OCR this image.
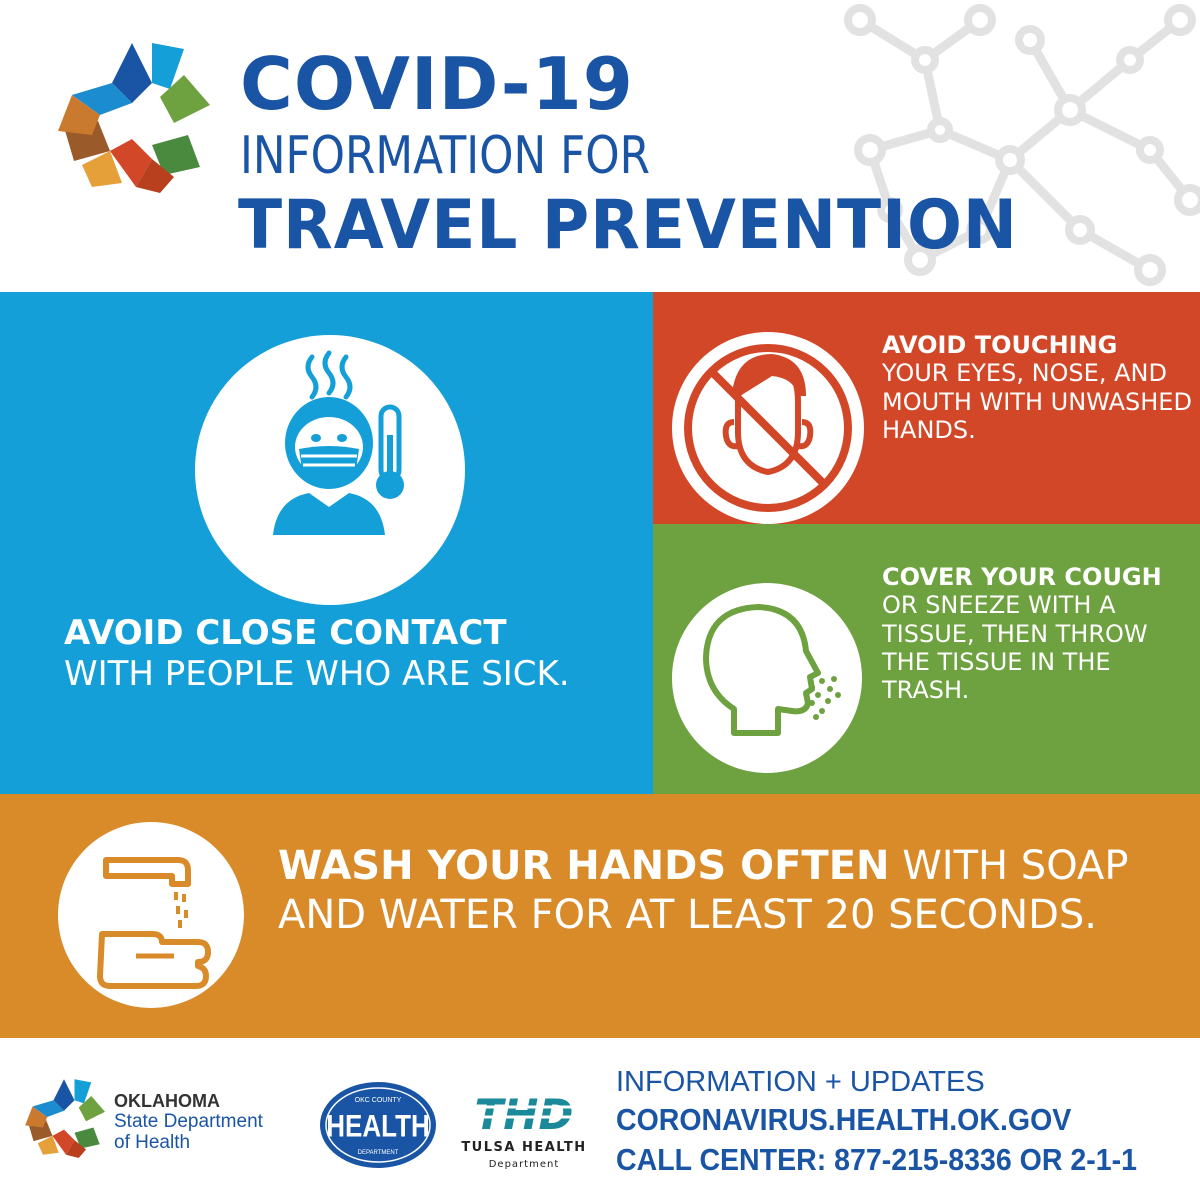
COVID-19
INFORMATION FOR
TRAVEL PREVENTION
AVOID CLOSE CONTACT
WITH PEOPLE WHO ARE SICK.
AVOID TOUCHING
YOUR EYES, NOSE, AND MOUTH WITH UNWASHED HANDS.
COVER YOUR COUGH OR SNEEZE WITH A TISSUE, THEN THROW THE TISSUE IN THE TRASH.
WASH YOUR HANDS OFTEN WITH SOAP AND WATER FOR AT LEAST 20 SECONDS.
OKLAHOMA
State Department
of Health
OKC COUNTY
HEALTH
DEPARTMENT
THD
TULSA HEALTH
Department
INFORMATION + UPDATES
CORONAVIRUS.HEALTH.OK.GOV
CALL CENTER: 877-215-8336 OR 2-1-1
